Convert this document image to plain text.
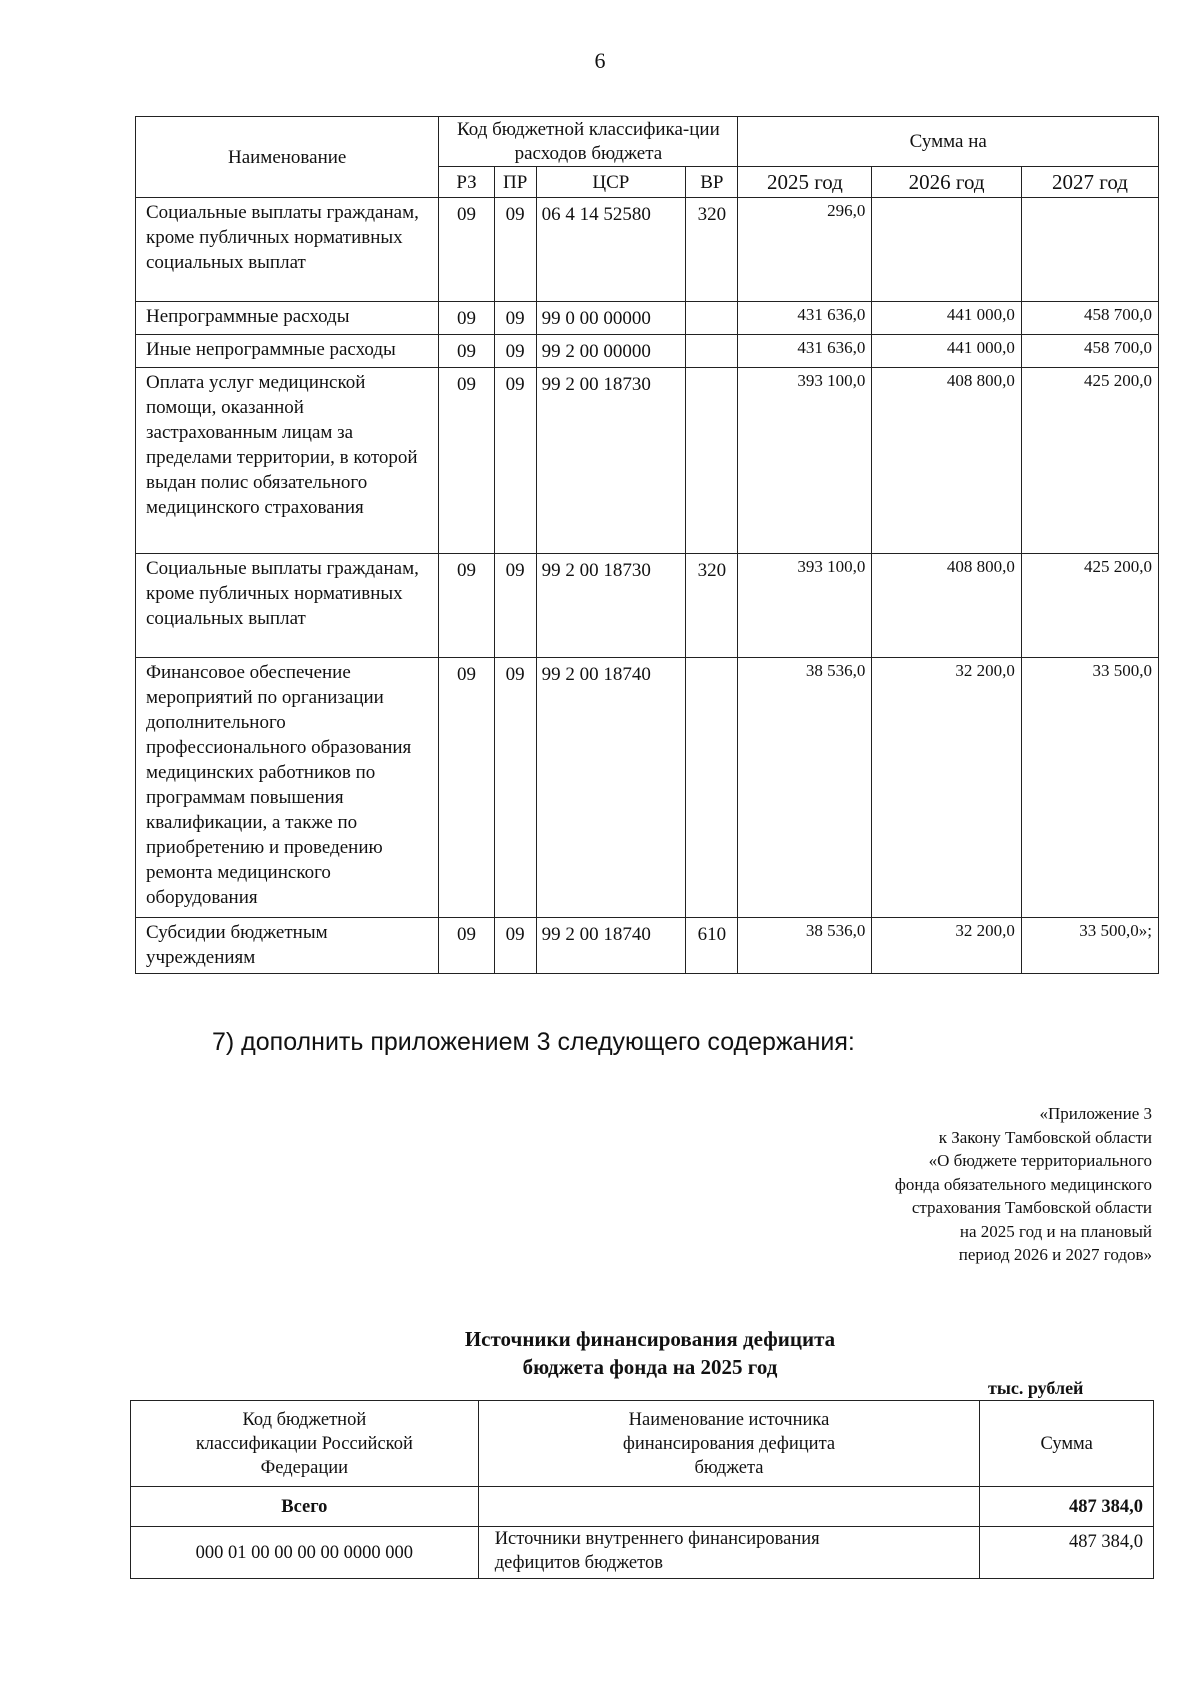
6
Наименование	Код бюджетной классифика-ции расходов бюджета				Сумма на		
	РЗ	ПР	ЦСР	ВР	2025 год	2026 год	2027 год
Социальные выплаты гражданам, кроме публичных нормативных социальных выплат	09	09	06 4 14 52580	320	296,0		
Непрограммные расходы	09	09	99 0 00 00000		431 636,0	441 000,0	458 700,0
Иные непрограммные расходы	09	09	99 2 00 00000		431 636,0	441 000,0	458 700,0
Оплата услуг медицинской помощи, оказанной застрахованным лицам за пределами территории, в которой выдан полис обязательного медицинского страхования	09	09	99 2 00 18730		393 100,0	408 800,0	425 200,0
Социальные выплаты гражданам, кроме публичных нормативных социальных выплат	09	09	99 2 00 18730	320	393 100,0	408 800,0	425 200,0
Финансовое обеспечение мероприятий по организации дополнительного профессионального образования медицинских работников по программам повышения квалификации, а также по приобретению и проведению ремонта медицинского оборудования	09	09	99 2 00 18740		38 536,0	32 200,0	33 500,0
Субсидии бюджетным учреждениям	09	09	99 2 00 18740	610	38 536,0	32 200,0	33 500,0»;

7) дополнить приложением 3 следующего содержания:

«Приложение 3
к Закону Тамбовской области
«О бюджете территориального
фонда обязательного медицинского
страхования Тамбовской области
на 2025 год и на плановый
период 2026 и 2027 годов»
Источники финансирования дефицита
бюджета фонда на 2025 год
тыс. рублей
Код бюджетной классификации Российской Федерации	Наименование источника финансирования дефицита бюджета	Сумма
Всего		487 384,0
000 01 00 00 00 00 0000 000	Источники внутреннего финансирования дефицитов бюджетов	487 384,0
